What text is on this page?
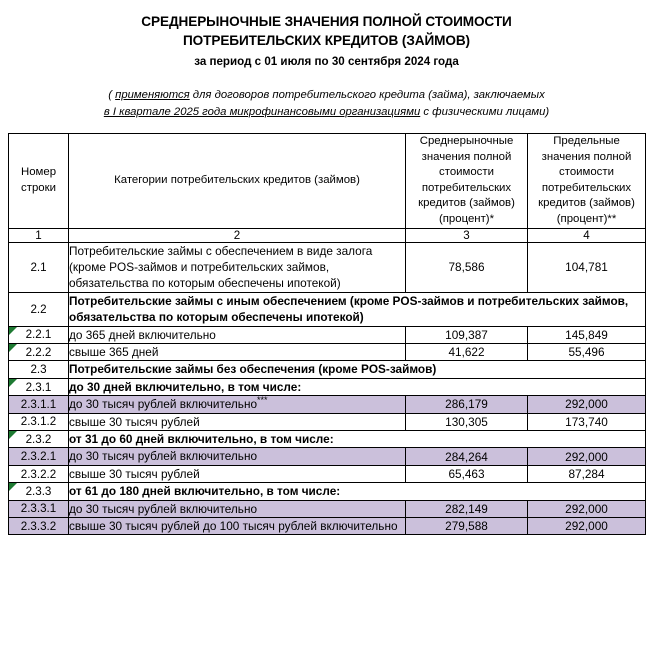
СРЕДНЕРЫНОЧНЫЕ ЗНАЧЕНИЯ ПОЛНОЙ СТОИМОСТИ
ПОТРЕБИТЕЛЬСКИХ КРЕДИТОВ (ЗАЙМОВ)
за период с 01 июля по 30 сентября 2024 года
( применяются для договоров потребительского кредита (займа), заключаемых
в I кварталe 2025 года микрофинансовыми организациями с физическими лицами)
Номер
строки	Категории потребительских кредитов (займов)	Среднерыночные значения полной стоимости потребительских кредитов (займов) (процент)*	Предельные значения полной стоимости потребительских кредитов (займов) (процент)**
1	2	3	4
2.1	Потребительские займы с обеспечением в виде залога (кроме POS-займов и потребительских займов, обязательства по которым обеспечены ипотекой)	78,586	104,781
2.2	Потребительские займы с иным обеспечением (кроме POS-займов и потребительских займов, обязательства по которым обеспечены ипотекой)		

2.2.1	до 365 дней включительно	109,387	145,849

2.2.2	свыше 365 дней	41,622	55,496
2.3	Потребительские займы без обеспечения (кроме POS-займов)		

2.3.1	до 30 дней включительно, в том числе:		
2.3.1.1	до 30 тысяч рублей включительно***	286,179	292,000
2.3.1.2	свыше 30 тысяч рублей	130,305	173,740

2.3.2	от 31 до 60 дней включительно, в том числе:		
2.3.2.1	до 30 тысяч рублей включительно	284,264	292,000
2.3.2.2	свыше 30 тысяч рублей	65,463	87,284

2.3.3	от 61 до 180 дней включительно, в том числе:		
2.3.3.1	до 30 тысяч рублей включительно	282,149	292,000
2.3.3.2	свыше 30 тысяч рублей до 100 тысяч рублей включительно	279,588	292,000
